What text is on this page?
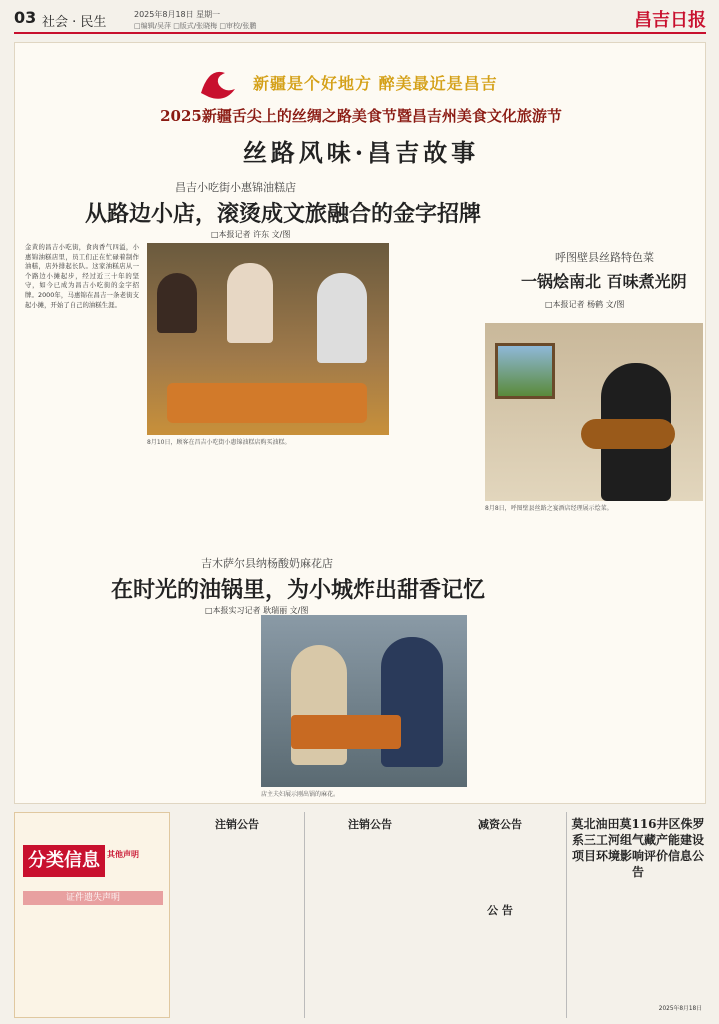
03 社会 · 民生
2025年8月18日 星期一
□编辑/吴萍 □版式/张晓梅 □审校/张鹏	昌吉日报
新疆是个好地方 醉美最近是昌吉
2025新疆舌尖上的丝绸之路美食节暨昌吉州美食文化旅游节
丝路风味·昌吉故事
昌吉小吃街小惠锦油糕店
从路边小店，滚烫成文旅融合的金字招牌
□本报记者 许东 文/图
8月10日，顾客在昌吉小吃街小惠锦油糕店购买油糕。
金黄的昌吉小吃街，食肉香气四溢，小惠锦油糕店里，员工们正在忙碌着制作油糕，店外排起长队。这家油糕店从一个路边小摊起步，经过近三十年的坚守，如今已成为昌吉小吃街的金字招牌。2000年，马惠锦在昌吉一条老街支起小摊，开始了自己的油糕生涯。
呼图壁县丝路特色菜
一锅烩南北 百味煮光阴
□本报记者 杨鹤 文/图
8月8日，呼图壁县丝路之宴酒店经理展示烩菜。
吉木萨尔县纳杨酸奶麻花店
在时光的油锅里，为小城炸出甜香记忆
□本报实习记者 耿瑞丽 文/图
店主夫妇展示刚出锅的麻花。
分类信息 其他声明
证件遗失声明
注销公告	注销公告	减资公告
公 告
莫北油田莫116井区侏罗系三工河组气藏产能建设项目环境影响评价信息公告
2025年8月18日
